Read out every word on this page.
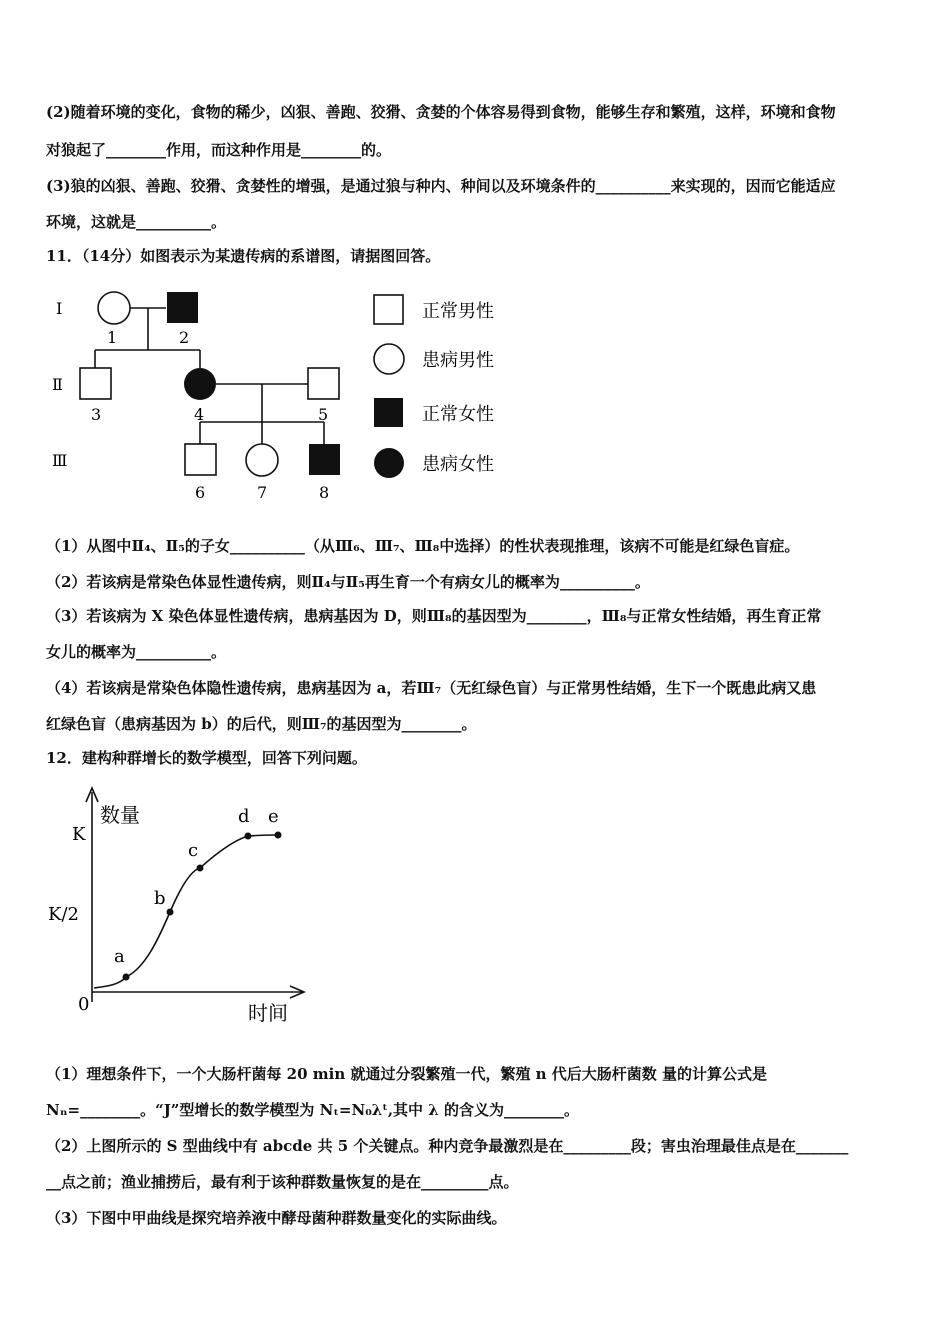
(2)随着环境的变化，食物的稀少，凶狠、善跑、狡猾、贪婪的个体容易得到食物，能够生存和繁殖，这样，环境和食物
对狼起了________作用，而这种作用是________的。
(3)狼的凶狠、善跑、狡猾、贪婪性的增强，是通过狼与种内、种间以及环境条件的__________来实现的，因而它能适应
环境，这就是__________。
11．（14分）如图表示为某遗传病的系谱图，请据图回答。
I
Ⅱ
Ⅲ
1	2
3	4	5
6	7	8
正常男性
患病男性
正常女性
患病女性
（1）从图中Ⅱ₄、Ⅱ₅的子女__________（从Ⅲ₆、Ⅲ₇、Ⅲ₈中选择）的性状表现推理，该病不可能是红绿色盲症。
（2）若该病是常染色体显性遗传病，则Ⅱ₄与Ⅱ₅再生育一个有病女儿的概率为__________。
（3）若该病为 X 染色体显性遗传病，患病基因为 D，则Ⅲ₈的基因型为________，Ⅲ₈与正常女性结婚，再生育正常
女儿的概率为__________。
（4）若该病是常染色体隐性遗传病，患病基因为 a，若Ⅲ₇（无红绿色盲）与正常男性结婚，生下一个既患此病又患
红绿色盲（患病基因为 b）的后代，则Ⅲ₇的基因型为________。
12．建构种群增长的数学模型，回答下列问题。
数量
时间
K
K/2
0
a
b
c
d e
（1）理想条件下，一个大肠杆菌每 20 min 就通过分裂繁殖一代，繁殖 n 代后大肠杆菌数 量的计算公式是
Nₙ=________。“J”型增长的数学模型为 Nₜ=N₀λᵗ,其中 λ 的含义为________。
（2）上图所示的 S 型曲线中有 abcde 共 5 个关键点。种内竞争最激烈是在_________段；害虫治理最佳点是在_______
__点之前；渔业捕捞后，最有利于该种群数量恢复的是在_________点。
（3）下图中甲曲线是探究培养液中酵母菌种群数量变化的实际曲线。
